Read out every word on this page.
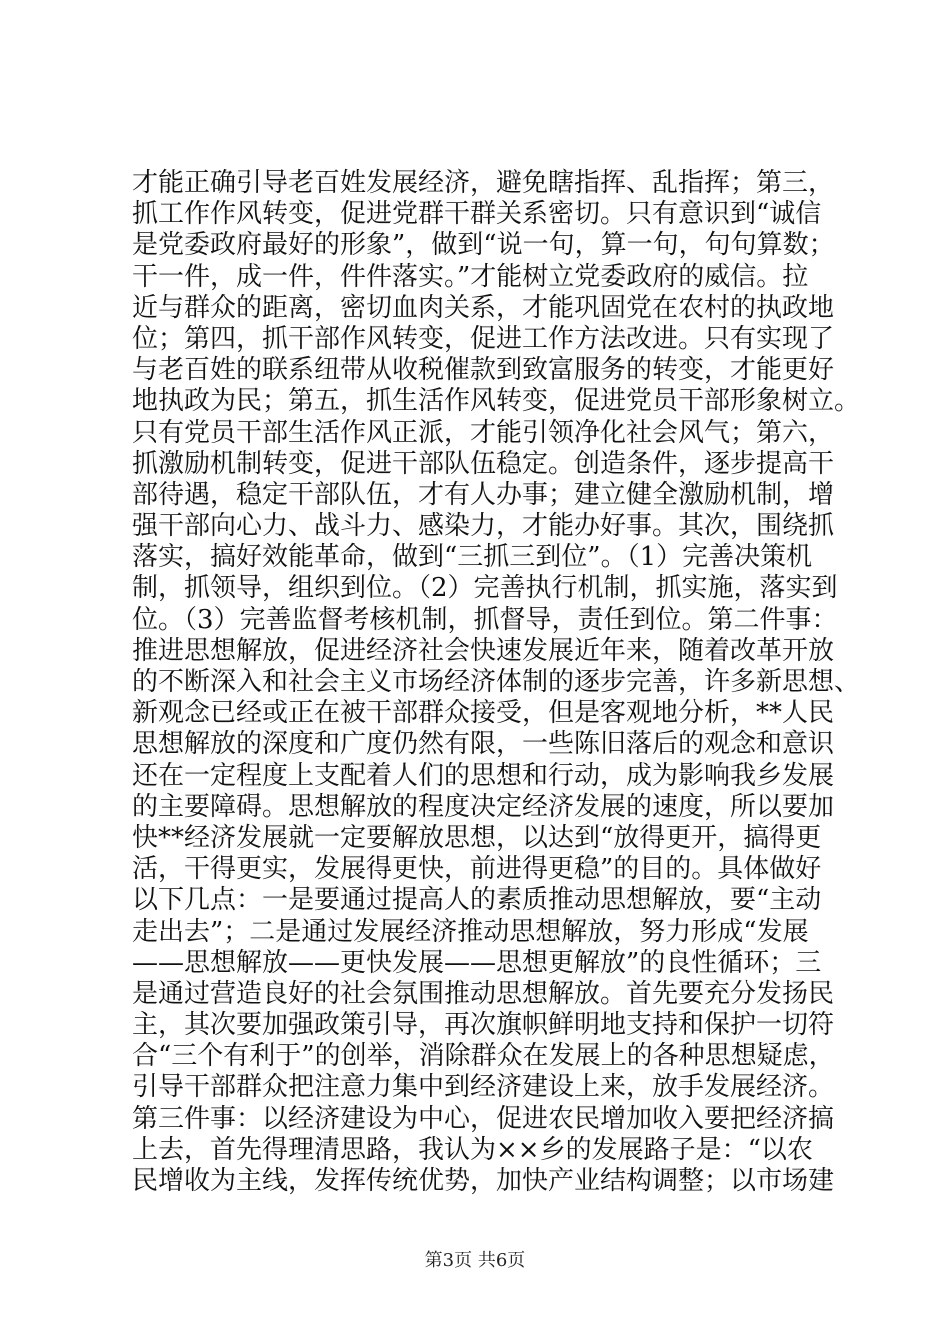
才能正确引导老百姓发展经济，避免瞎指挥、乱指挥；第三，
抓工作作风转变，促进党群干群关系密切。只有意识到“诚信
是党委政府最好的形象”，做到“说一句，算一句，句句算数；
干一件，成一件，件件落实。”才能树立党委政府的威信。拉
近与群众的距离，密切血肉关系，才能巩固党在农村的执政地
位；第四，抓干部作风转变，促进工作方法改进。只有实现了
与老百姓的联系纽带从收税催款到致富服务的转变，才能更好
地执政为民；第五，抓生活作风转变，促进党员干部形象树立。
只有党员干部生活作风正派，才能引领净化社会风气；第六，
抓激励机制转变，促进干部队伍稳定。创造条件，逐步提高干
部待遇，稳定干部队伍，才有人办事；建立健全激励机制，增
强干部向心力、战斗力、感染力，才能办好事。其次，围绕抓
落实，搞好效能革命，做到“三抓三到位”。（1）完善决策机
制，抓领导，组织到位。（2）完善执行机制，抓实施，落实到
位。（3）完善监督考核机制，抓督导，责任到位。第二件事：
推进思想解放，促进经济社会快速发展近年来，随着改革开放
的不断深入和社会主义市场经济体制的逐步完善，许多新思想、
新观念已经或正在被干部群众接受，但是客观地分析，**人民
思想解放的深度和广度仍然有限，一些陈旧落后的观念和意识
还在一定程度上支配着人们的思想和行动，成为影响我乡发展
的主要障碍。思想解放的程度决定经济发展的速度，所以要加
快**经济发展就一定要解放思想，以达到“放得更开，搞得更
活，干得更实，发展得更快，前进得更稳”的目的。具体做好
以下几点：一是要通过提高人的素质推动思想解放，要“主动
走出去”；二是通过发展经济推动思想解放，努力形成“发展
——思想解放——更快发展——思想更解放”的良性循环；三
是通过营造良好的社会氛围推动思想解放。首先要充分发扬民
主，其次要加强政策引导，再次旗帜鲜明地支持和保护一切符
合“三个有利于”的创举，消除群众在发展上的各种思想疑虑，
引导干部群众把注意力集中到经济建设上来，放手发展经济。
第三件事：以经济建设为中心，促进农民增加收入要把经济搞
上去，首先得理清思路，我认为××乡的发展路子是：“以农
民增收为主线，发挥传统优势，加快产业结构调整；以市场建
第3页 共6页
